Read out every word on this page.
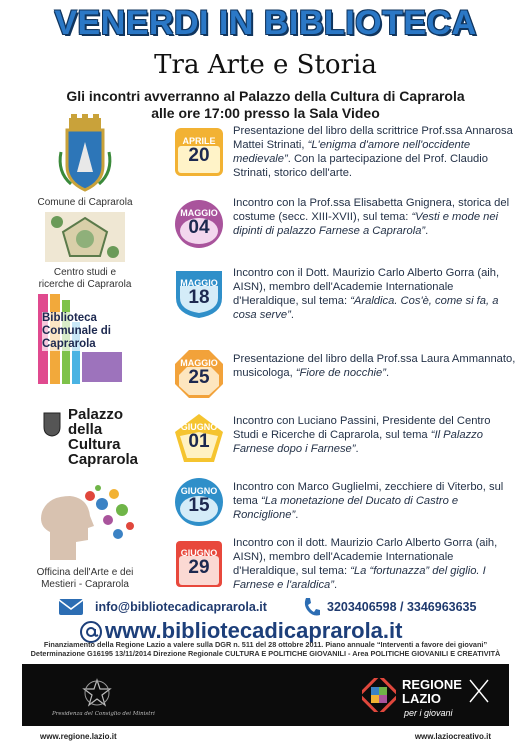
VENERDI IN BIBLIOTECA
Tra Arte e Storia
Gli incontri avverranno al Palazzo della Cultura di Caprarola
alle ore 17:00 presso la Sala Video
Comune di Caprarola
Centro studi e
ricerche di Caprarola
Biblioteca
Comunale di
Caprarola
Palazzo
della
Cultura
Caprarola
Officina dell'Arte e dei
Mestieri - Caprarola
APRILE
20
Presentazione del libro della scrittrice Prof.ssa Annarosa Mattei Strinati, “L'enigma d'amore nell'occidente medievale”. Con la partecipazione del Prof. Claudio Strinati, storico dell'arte.
MAGGIO
04
Incontro con la Prof.ssa Elisabetta Gnignera, storica del costume (secc. XIII-XVII), sul tema: “Vesti e mode nei dipinti di palazzo Farnese a Caprarola”.
MAGGIO
18
Incontro con il Dott. Maurizio Carlo Alberto Gorra (aih, AISN), membro dell'Academie Internationale d'Heraldique, sul tema: “Araldica. Cos'è, come si fa, a cosa serve”.
MAGGIO
25
Presentazione del libro della Prof.ssa Laura Ammannato, musicologa, “Fiore de nocchie”.
GIUGNO
01
Incontro con Luciano Passini, Presidente del Centro Studi e Ricerche di Caprarola, sul tema “Il Palazzo Farnese dopo i Farnese”.
GIUGNO
15
Incontro con Marco Guglielmi, zecchiere di Viterbo, sul tema “La monetazione del Ducato di Castro e Ronciglione”.
GIUGNO
29
Incontro con il dott. Maurizio Carlo Alberto Gorra (aih, AISN), membro dell'Academie Internationale d'Heraldique, sul tema: “La “fortunazza” del giglio. I Farnese e l'araldica”.
info@bibliotecadicaprarola.it	3203406598 / 3346963635
www.bibliotecadicaprarola.it
Finanziamento della Regione Lazio a valere sulla DGR n. 511 del 28 ottobre 2011. Piano annuale “Interventi a favore dei giovani”
Determinazione G16195 13/11/2014 Direzione Regionale CULTURA E POLITICHE GIOVANILI - Area POLITICHE GIOVANILI E CREATIVITÀ
Presidenza del Consiglio dei Ministri
REGIONE
LAZIO
per i giovani
www.regione.lazio.it	www.laziocreativo.it
